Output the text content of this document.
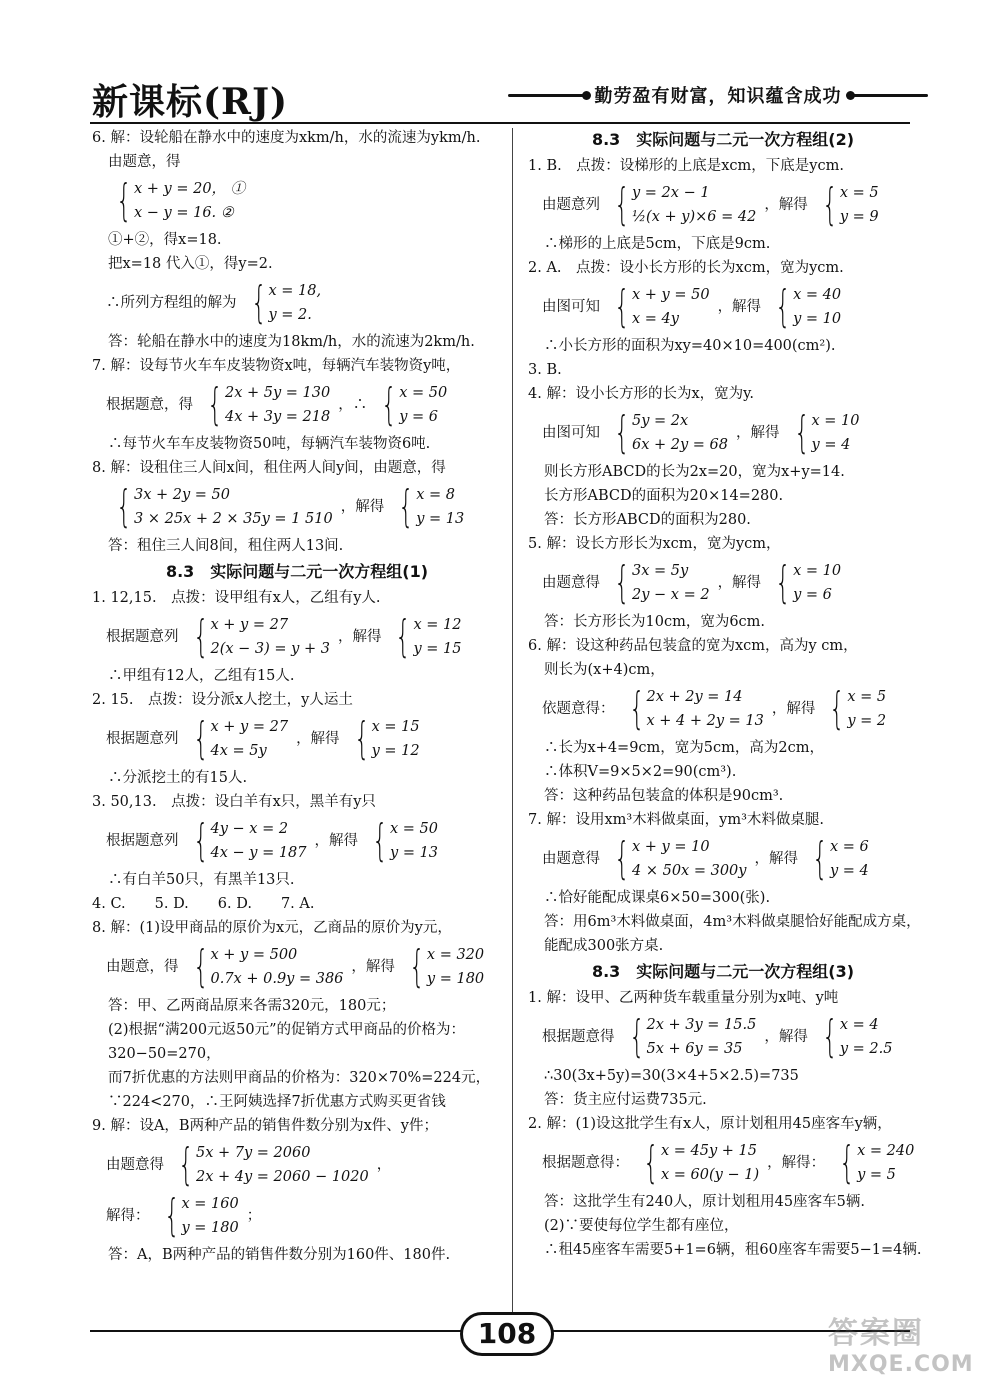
新课标(RJ)	勤劳盈有财富，知识蕴含成功
6. 解：设轮船在静水中的速度为xkm/h，水的流速为ykm/h.
由题意，得
{ x + y = 20， ①
x − y = 16. ②
①+②，得x=18.
把x=18 代入①，得y=2.
∴所列方程组的解为 { x = 18,
y = 2.
答：轮船在静水中的速度为18km/h，水的流速为2km/h.
7. 解：设每节火车车皮装物资x吨，每辆汽车装物资y吨，
根据题意，得 { 2x + 5y = 130
4x + 3y = 218
，∴ { x = 50
y = 6
∴每节火车车皮装物资50吨，每辆汽车装物资6吨.
8. 解：设租住三人间x间，租住两人间y间，由题意，得
{ 3x + 2y = 50
3 × 25x + 2 × 35y = 1 510
，解得 { x = 8
y = 13
答：租住三人间8间，租住两人13间.
8.3　实际问题与二元一次方程组(1)
1. 12,15.　点拨：设甲组有x人，乙组有y人.
根据题意列 { x + y = 27
2(x − 3) = y + 3
，解得 { x = 12
y = 15
∴甲组有12人，乙组有15人.
2. 15.　点拨：设分派x人挖土，y人运土
根据题意列 { x + y = 27
4x = 5y
，解得 { x = 15
y = 12
∴分派挖土的有15人.
3. 50,13.　点拨：设白羊有x只，黑羊有y只
根据题意列 { 4y − x = 2
4x − y = 187
，解得 { x = 50
y = 13
∴有白羊50只，有黑羊13只.
4. C.　　5. D.　　6. D.　　7. A.
8. 解：(1)设甲商品的原价为x元，乙商品的原价为y元，
由题意，得 { x + y = 500
0.7x + 0.9y = 386
，解得 { x = 320
y = 180
答：甲、乙两商品原来各需320元，180元；
(2)根据“满200元返50元”的促销方式甲商品的价格为：
320−50=270，
而7折优惠的方法则甲商品的价格为：320×70%=224元，
∵224<270，∴王阿姨选择7折优惠方式购买更省钱
9. 解：设A，B两种产品的销售件数分别为x件、y件；
由题意得 { 5x + 7y = 2060
2x + 4y = 2060 − 1020
，
解得： { x = 160
y = 180
；
答：A，B两种产品的销售件数分别为160件、180件.
8.3　实际问题与二元一次方程组(2)
1. B.　点拨：设梯形的上底是xcm，下底是ycm.
由题意列 { y = 2x − 1
½(x + y)×6 = 42
，解得 { x = 5
y = 9
∴梯形的上底是5cm，下底是9cm.
2. A.　点拨：设小长方形的长为xcm，宽为ycm.
由图可知 { x + y = 50
x = 4y
，解得 { x = 40
y = 10
∴小长方形的面积为xy=40×10=400(cm²).
3. B.
4. 解：设小长方形的长为x，宽为y.
由图可知 { 5y = 2x
6x + 2y = 68
，解得 { x = 10
y = 4
则长方形ABCD的长为2x=20，宽为x+y=14.
长方形ABCD的面积为20×14=280.
答：长方形ABCD的面积为280.
5. 解：设长方形长为xcm，宽为ycm，
由题意得 { 3x = 5y
2y − x = 2
，解得 { x = 10
y = 6
答：长方形长为10cm，宽为6cm.
6. 解：设这种药品包装盒的宽为xcm，高为y cm，
则长为(x+4)cm，
依题意得： { 2x + 2y = 14
x + 4 + 2y = 13
，解得 { x = 5
y = 2
∴长为x+4=9cm，宽为5cm，高为2cm，
∴体积V=9×5×2=90(cm³).
答：这种药品包装盒的体积是90cm³.
7. 解：设用xm³木料做桌面，ym³木料做桌腿.
由题意得 { x + y = 10
4 × 50x = 300y
，解得 { x = 6
y = 4
∴恰好能配成课桌6×50=300(张).
答：用6m³木料做桌面，4m³木料做桌腿恰好能配成方桌，
能配成300张方桌.
8.3　实际问题与二元一次方程组(3)
1. 解：设甲、乙两种货车载重量分别为x吨、y吨
根据题意得 { 2x + 3y = 15.5
5x + 6y = 35
，解得 { x = 4
y = 2.5
∴30(3x+5y)=30(3×4+5×2.5)=735
答：货主应付运费735元.
2. 解：(1)设这批学生有x人，原计划租用45座客车y辆，
根据题意得： { x = 45y + 15
x = 60(y − 1)
，解得： { x = 240
y = 5
答：这批学生有240人，原计划租用45座客车5辆.
(2)∵要使每位学生都有座位，
∴租45座客车需要5+1=6辆，租60座客车需要5−1=4辆.
108	答案圈
MXQE.COM
